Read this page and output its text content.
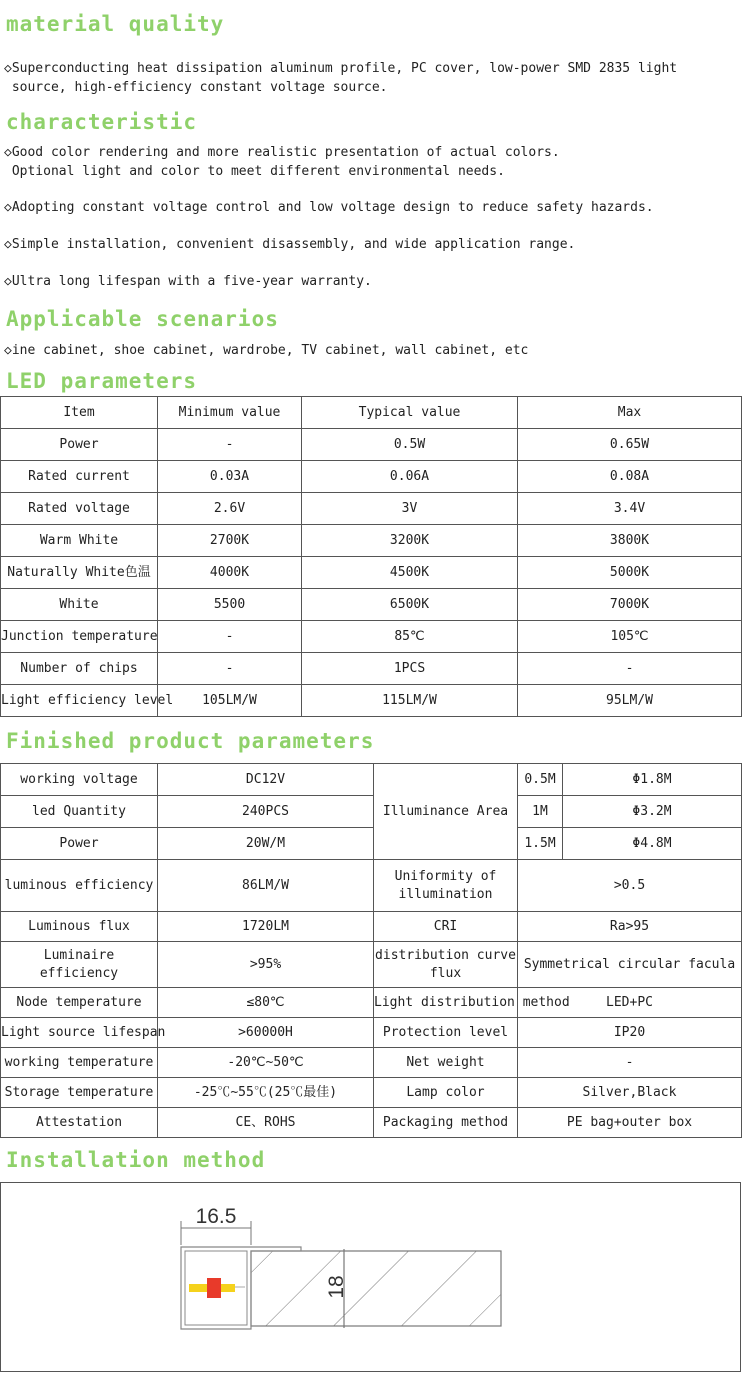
material quality
◇Superconducting heat dissipation aluminum profile, PC cover, low-power SMD 2835 light
source, high-efficiency constant voltage source.
characteristic
◇Good color rendering and more realistic presentation of actual colors.
Optional light and color to meet different environmental needs.
◇Adopting constant voltage control and low voltage design to reduce safety hazards.
◇Simple installation, convenient disassembly, and wide application range.
◇Ultra long lifespan with a five-year warranty.
Applicable scenarios
◇ine cabinet, shoe cabinet, wardrobe, TV cabinet, wall cabinet, etc
LED parameters
Item	Minimum value	Typical value	Max
Power	-	0.5W	0.65W
Rated current	0.03A	0.06A	0.08A
Rated voltage	2.6V	3V	3.4V
Warm White	2700K	3200K	3800K
Naturally White色温	4000K	4500K	5000K
White	5500	6500K	7000K
Junction temperature	-	85℃	105℃
Number of chips	-	1PCS	-
Light efficiency level	105LM/W	115LM/W	95LM/W
Finished product parameters
working voltage	DC12V	Illuminance Area	0.5M	Φ1.8M
led Quantity	240PCS		1M	Φ3.2M
Power	20W/M		1.5M	Φ4.8M
luminous efficiency	86LM/W	Uniformity of illumination	>0.5	
Luminous flux	1720LM	CRI	Ra>95	
Luminaire efficiency	>95%	distribution curve flux	Symmetrical circular facula	
Node temperature	≤80℃	Light distribution method	LED+PC	
Light source lifespan	>60000H	Protection level	IP20	
working temperature	-20℃~50℃	Net weight	-	
Storage temperature	-25℃~55℃(25℃最佳)	Lamp color	Silver,Black	
Attestation	CE、ROHS	Packaging method	PE bag+outer box	
Installation method
16.5
18
